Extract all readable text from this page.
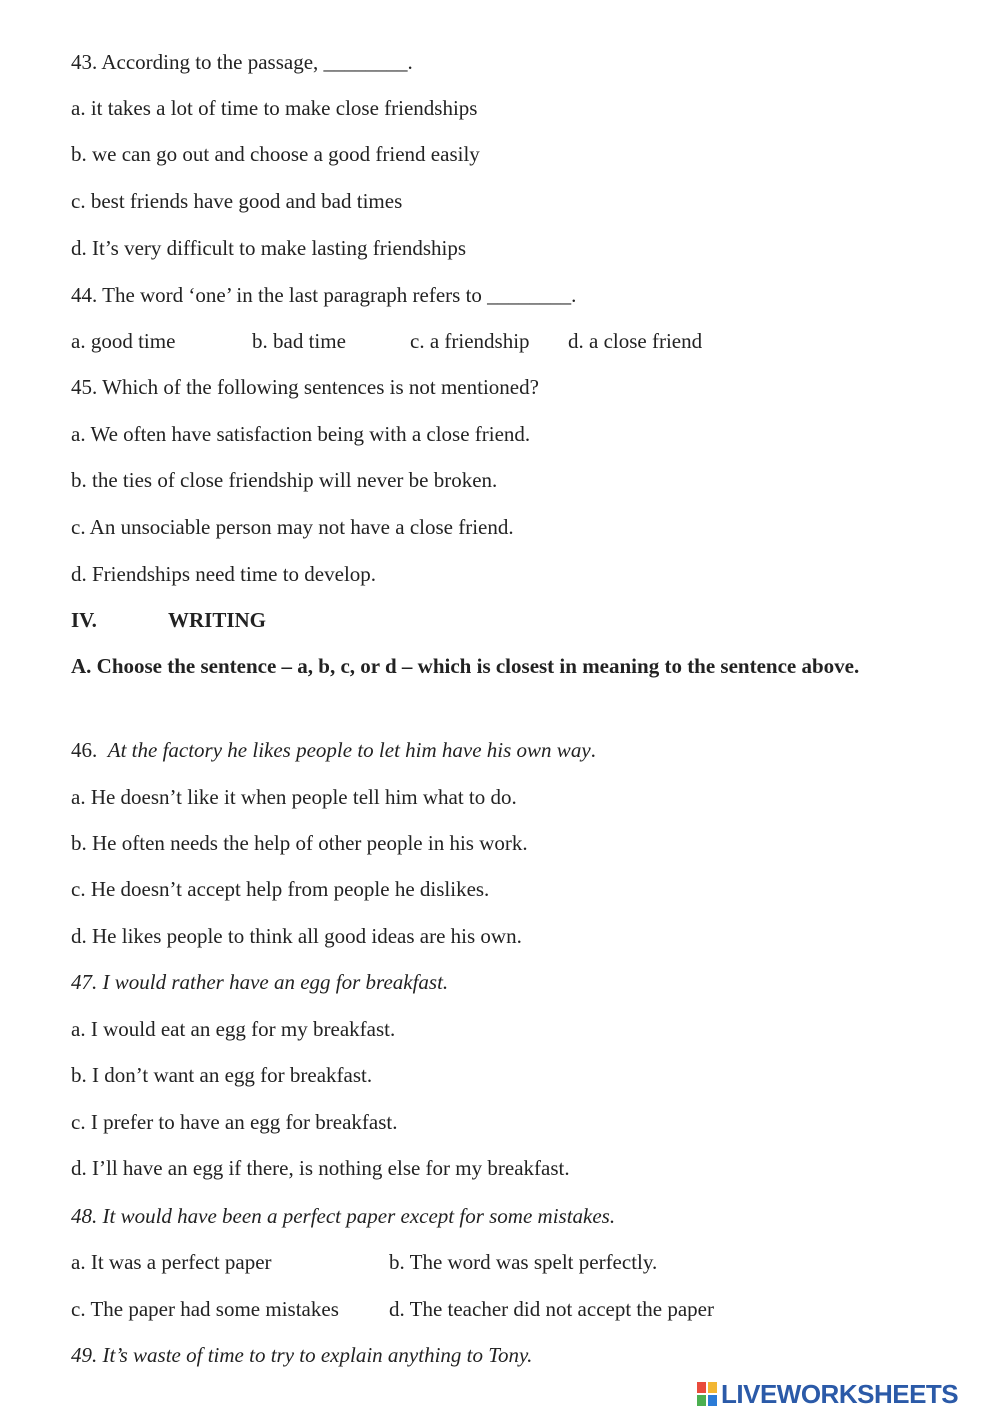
43. According to the passage, ________.

a. it takes a lot of time to make close friendships

b. we can go out and choose a good friend easily

c. best friends have good and bad times

d. It’s very difficult to make lasting friendships

44. The word ‘one’ in the last paragraph refers to ________.

a. good time	b. bad time	c. a friendship d. a close friend

45. Which of the following sentences is not mentioned?

a. We often have satisfaction being with a close friend.

b. the ties of close friendship will never be broken.

c. An unsociable person may not have a close friend.

d. Friendships need time to develop.

IV.	WRITING

A. Choose the sentence – a, b, c, or d – which is closest in meaning to the sentence above.

46. At the factory he likes people to let him have his own way.

a. He doesn’t like it when people tell him what to do.

b. He often needs the help of other people in his work.

c. He doesn’t accept help from people he dislikes.

d. He likes people to think all good ideas are his own.

47. I would rather have an egg for breakfast.

a. I would eat an egg for my breakfast.

b. I don’t want an egg for breakfast.

c. I prefer to have an egg for breakfast.

d. I’ll have an egg if there, is nothing else for my breakfast.

48. It would have been a perfect paper except for some mistakes.

a. It was a perfect paper	b. The word was spelt perfectly.
c. The paper had some mistakes d. The teacher did not accept the paper

49. It’s waste of time to try to explain anything to Tony.

LIVEWORKSHEETS
